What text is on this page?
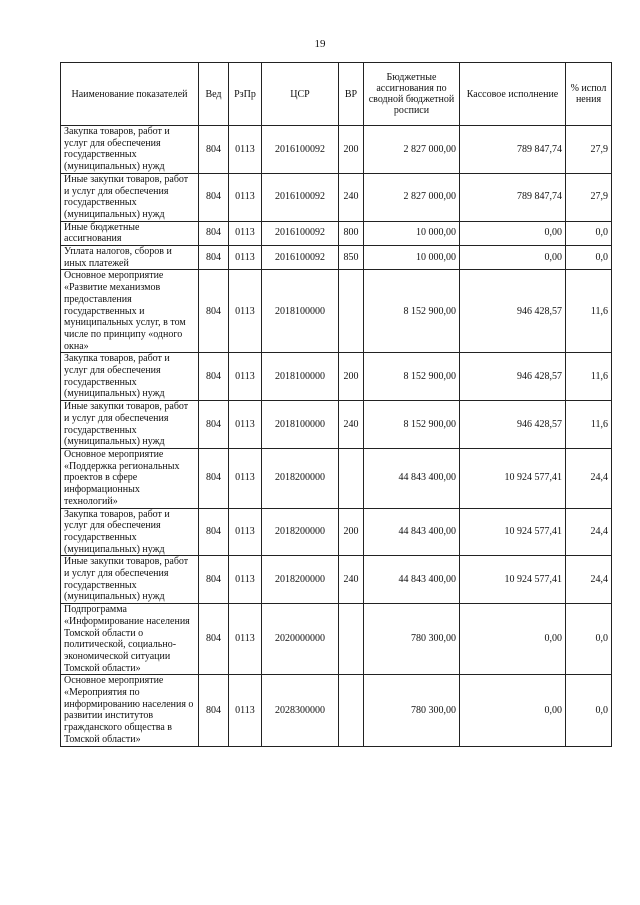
19
Наименование показателей	Вед	РзПр	ЦСР	ВР	Бюджетные ассигнования по сводной бюджетной росписи	Кассовое исполнение	% испол нения
Закупка товаров, работ и услуг для обеспечения государственных (муниципальных) нужд	804	0113	2016100092	200	2 827 000,00	789 847,74	27,9
Иные закупки товаров, работ и услуг для обеспечения государственных (муниципальных) нужд	804	0113	2016100092	240	2 827 000,00	789 847,74	27,9
Иные бюджетные ассигнования	804	0113	2016100092	800	10 000,00	0,00	0,0
Уплата налогов, сборов и иных платежей	804	0113	2016100092	850	10 000,00	0,00	0,0
Основное мероприятие «Развитие механизмов предоставления государственных и муниципальных услуг, в том числе по принципу «одного окна»	804	0113	2018100000		8 152 900,00	946 428,57	11,6
Закупка товаров, работ и услуг для обеспечения государственных (муниципальных) нужд	804	0113	2018100000	200	8 152 900,00	946 428,57	11,6
Иные закупки товаров, работ и услуг для обеспечения государственных (муниципальных) нужд	804	0113	2018100000	240	8 152 900,00	946 428,57	11,6
Основное мероприятие «Поддержка региональных проектов в сфере информационных технологий»	804	0113	2018200000		44 843 400,00	10 924 577,41	24,4
Закупка товаров, работ и услуг для обеспечения государственных (муниципальных) нужд	804	0113	2018200000	200	44 843 400,00	10 924 577,41	24,4
Иные закупки товаров, работ и услуг для обеспечения государственных (муниципальных) нужд	804	0113	2018200000	240	44 843 400,00	10 924 577,41	24,4
Подпрограмма «Информирование населения Томской области о политической, социально-экономической ситуации Томской области»	804	0113	2020000000		780 300,00	0,00	0,0
Основное мероприятие «Мероприятия по информированию населения о развитии институтов гражданского общества в Томской области»	804	0113	2028300000		780 300,00	0,00	0,0
